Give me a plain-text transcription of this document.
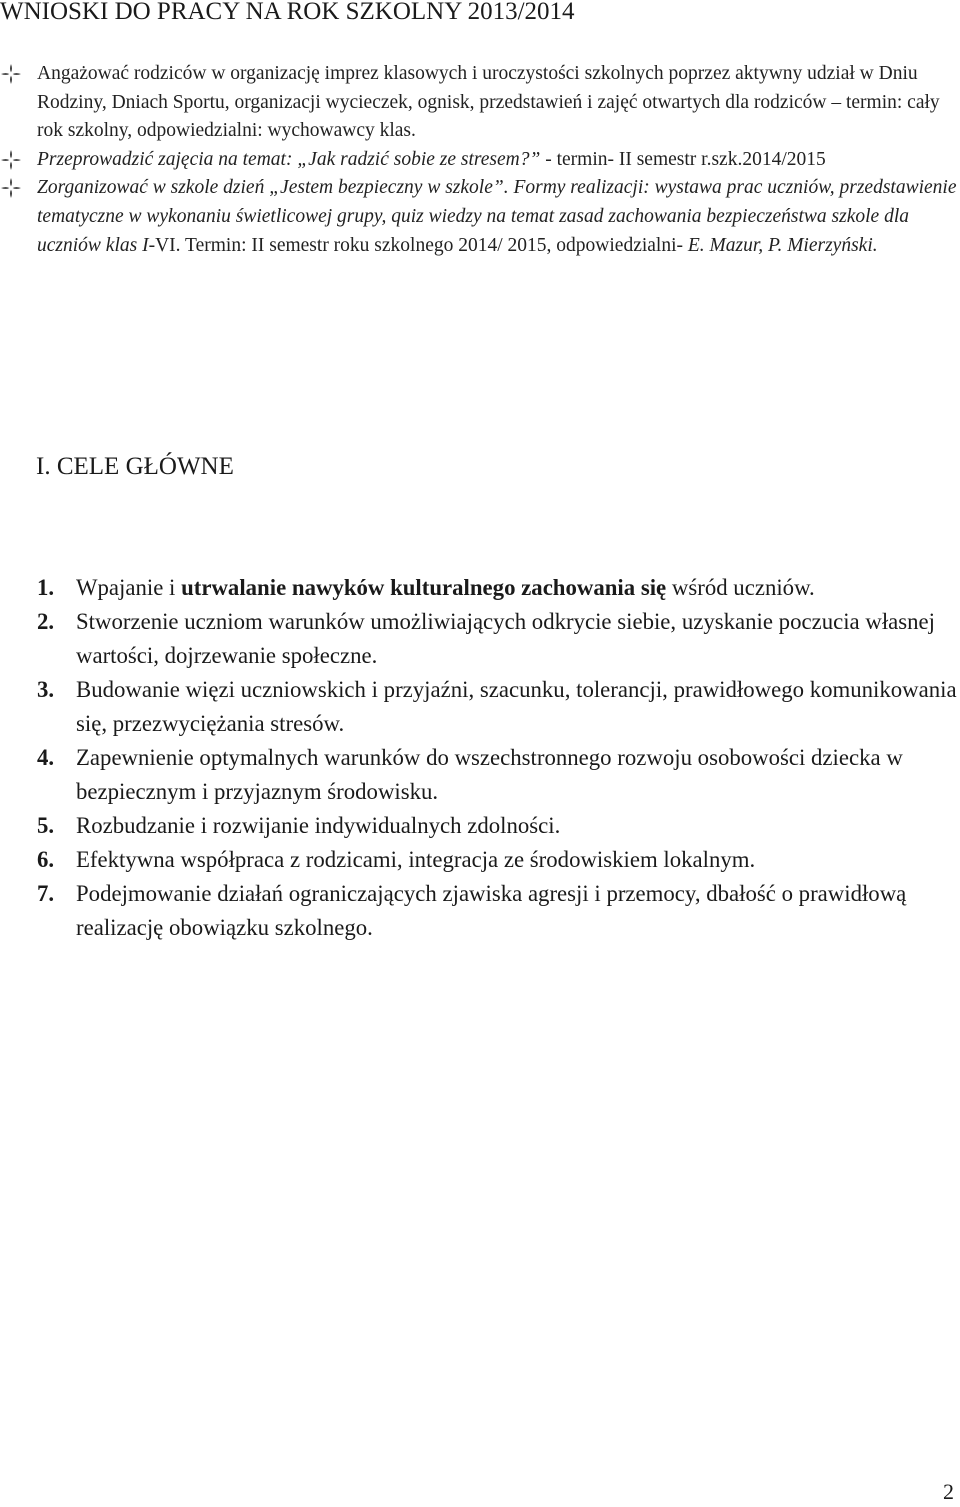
WNIOSKI DO PRACY NA ROK SZKOLNY 2013/2014
Angażować rodziców w organizację imprez klasowych i uroczystości szkolnych poprzez aktywny udział w Dniu Rodziny, Dniach Sportu, organizacji wycieczek, ognisk, przedstawień i zajęć otwartych dla rodziców – termin: cały rok szkolny, odpowiedzialni: wychowawcy klas.
Przeprowadzić zajęcia na temat: „Jak radzić sobie ze stresem?” - termin- II semestr r.szk.2014/2015
Zorganizować w szkole dzień „Jestem bezpieczny w szkole”. Formy realizacji: wystawa prac uczniów, przedstawienie tematyczne w wykonaniu świetlicowej grupy, quiz wiedzy na temat zasad zachowania bezpieczeństwa szkole dla uczniów klas I-VI. Termin: II semestr roku szkolnego 2014/ 2015, odpowiedzialni- E. Mazur, P. Mierzyński.
I. CELE GŁÓWNE
1. Wpajanie i utrwalanie nawyków kulturalnego zachowania się wśród uczniów.
2. Stworzenie uczniom warunków umożliwiających odkrycie siebie, uzyskanie poczucia własnej wartości, dojrzewanie społeczne.
3. Budowanie więzi uczniowskich i przyjaźni, szacunku, tolerancji, prawidłowego komunikowania się, przezwyciężania stresów.
4. Zapewnienie optymalnych warunków do wszechstronnego rozwoju osobowości dziecka w bezpiecznym i przyjaznym środowisku.
5. Rozbudzanie i rozwijanie indywidualnych zdolności.
6. Efektywna współpraca z rodzicami, integracja ze środowiskiem lokalnym.
7. Podejmowanie działań ograniczających zjawiska agresji i przemocy, dbałość o prawidłową realizację obowiązku szkolnego.
2
